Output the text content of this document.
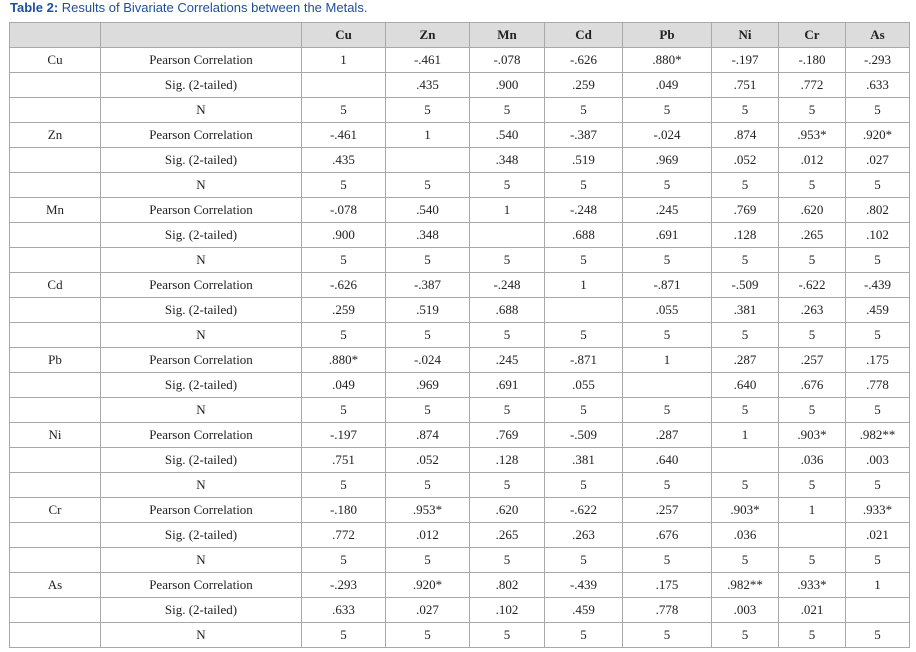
Table 2: Results of Bivariate Correlations between the Metals.
		Cu	Zn	Mn	Cd	Pb	Ni	Cr	As
Cu	Pearson Correlation	1	-.461	-.078	-.626	.880*	-.197	-.180	-.293
	Sig. (2-tailed)		.435	.900	.259	.049	.751	.772	.633
	N	5	5	5	5	5	5	5	5
Zn	Pearson Correlation	-.461	1	.540	-.387	-.024	.874	.953*	.920*
	Sig. (2-tailed)	.435		.348	.519	.969	.052	.012	.027
	N	5	5	5	5	5	5	5	5
Mn	Pearson Correlation	-.078	.540	1	-.248	.245	.769	.620	.802
	Sig. (2-tailed)	.900	.348		.688	.691	.128	.265	.102
	N	5	5	5	5	5	5	5	5
Cd	Pearson Correlation	-.626	-.387	-.248	1	-.871	-.509	-.622	-.439
	Sig. (2-tailed)	.259	.519	.688		.055	.381	.263	.459
	N	5	5	5	5	5	5	5	5
Pb	Pearson Correlation	.880*	-.024	.245	-.871	1	.287	.257	.175
	Sig. (2-tailed)	.049	.969	.691	.055		.640	.676	.778
	N	5	5	5	5	5	5	5	5
Ni	Pearson Correlation	-.197	.874	.769	-.509	.287	1	.903*	.982**
	Sig. (2-tailed)	.751	.052	.128	.381	.640		.036	.003
	N	5	5	5	5	5	5	5	5
Cr	Pearson Correlation	-.180	.953*	.620	-.622	.257	.903*	1	.933*
	Sig. (2-tailed)	.772	.012	.265	.263	.676	.036		.021
	N	5	5	5	5	5	5	5	5
As	Pearson Correlation	-.293	.920*	.802	-.439	.175	.982**	.933*	1
	Sig. (2-tailed)	.633	.027	.102	.459	.778	.003	.021	
	N	5	5	5	5	5	5	5	5
